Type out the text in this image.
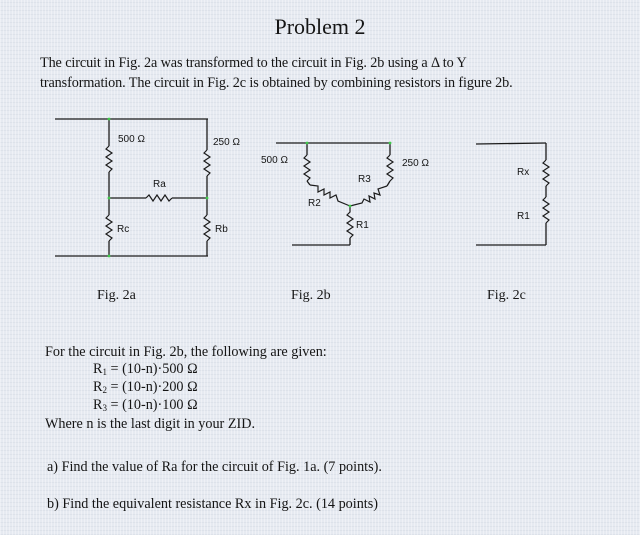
Problem 2
The circuit in Fig. 2a was transformed to the circuit in Fig. 2b using a Δ to Y
transformation. The circuit in Fig. 2c is obtained by combining resistors in figure 2b.
500 Ω	250 Ω
Ra
Rc	Rb
500 Ω	250 Ω
R3
R2
R1
Rx
R1
Fig. 2a	Fig. 2b	Fig. 2c
For the circuit in Fig. 2b, the following are given:
$R_1 = (10-n)\cdot 500$ Ω
$R_2 = (10-n)\cdot 200$ Ω
$R_3 = (10-n)\cdot 100$ Ω
Where n is the last digit in your ZID.
a) Find the value of Ra for the circuit of Fig. 1a. (7 points).
b) Find the equivalent resistance Rx in Fig. 2c. (14 points)
